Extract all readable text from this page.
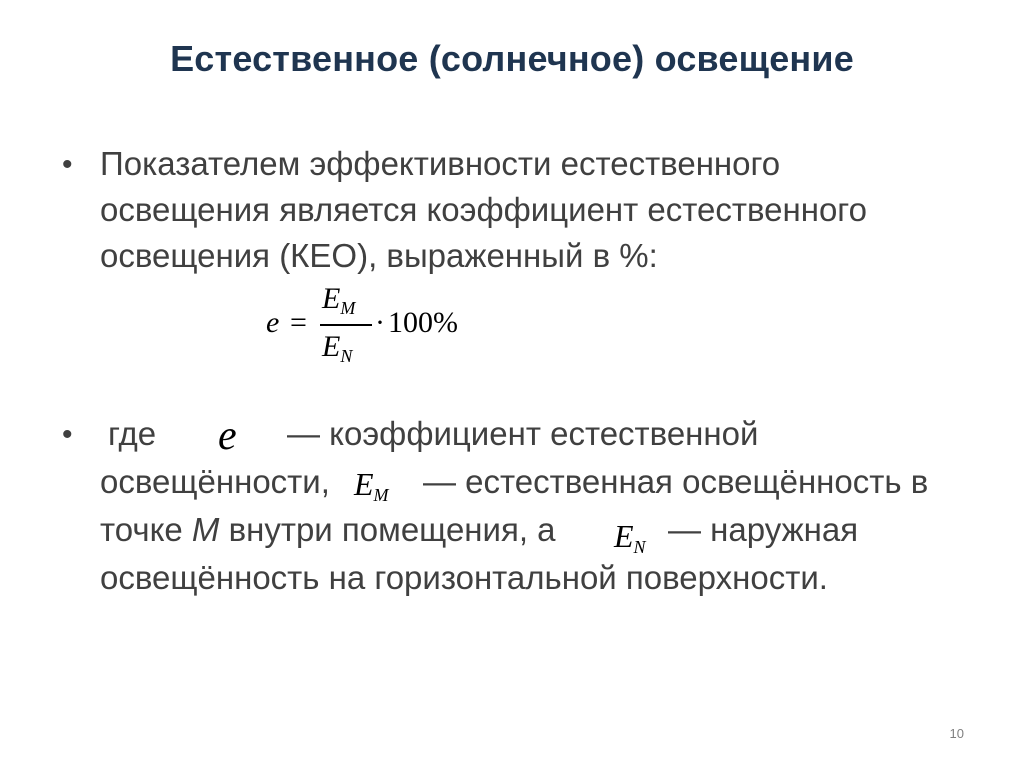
Естественное (солнечное) освещение
• Показателем эффективности естественного
освещения является коэффициент естественного
освещения (КЕО), выраженный в %:
e =
$E_M$
$E_N$
· 100%
• где e — коэффициент естественной
освещённости, $E_M$ — естественная освещённость в
точке М внутри помещения, а $E_N$ — наружная
освещённость на горизонтальной поверхности.
10
